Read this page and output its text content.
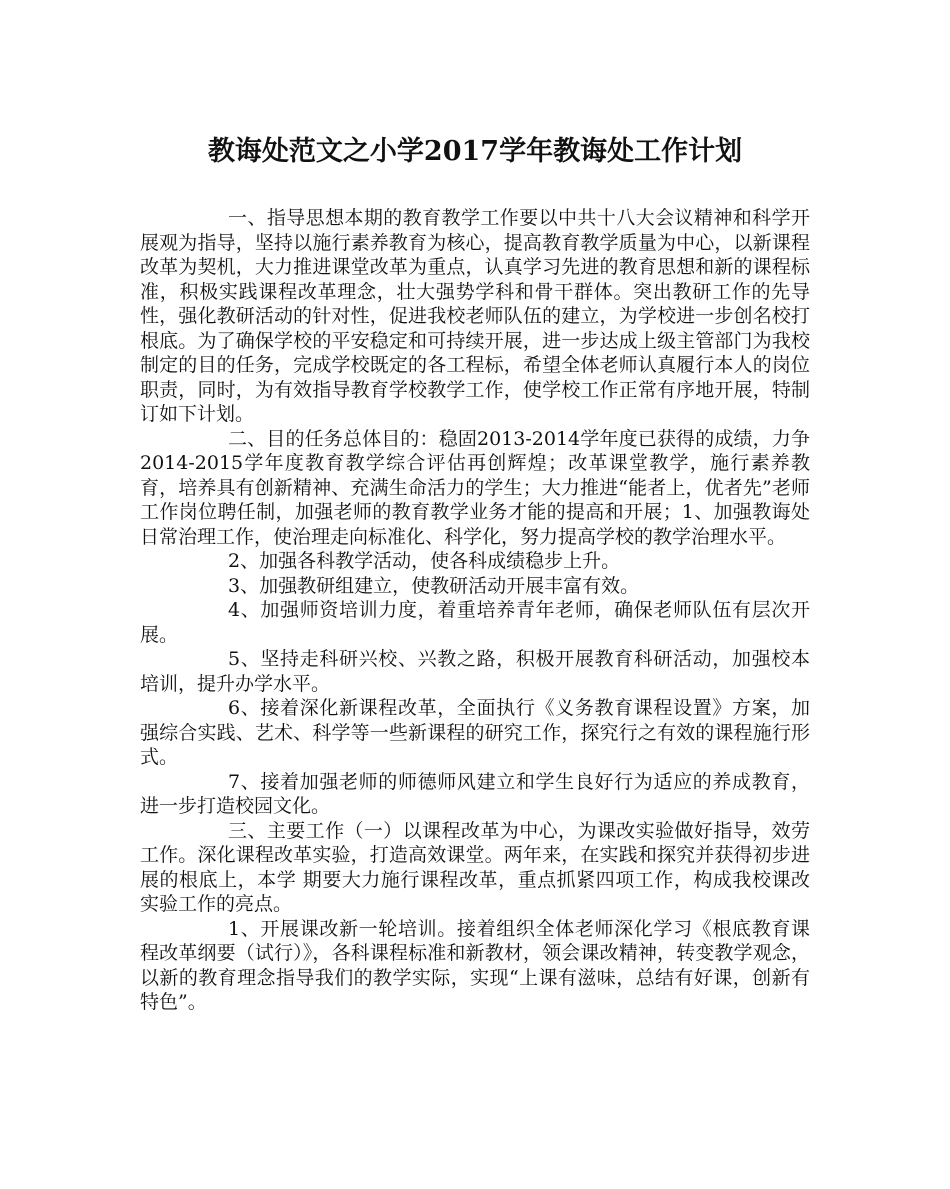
教诲处范文之小学2017学年教诲处工作计划

一、指导思想本期的教育教学工作要以中共十八大会议精神和科学开展观为指导，坚持以施行素养教育为核心，提高教育教学质量为中心，以新课程改革为契机，大力推进课堂改革为重点，认真学习先进的教育思想和新的课程标准，积极实践课程改革理念，壮大强势学科和骨干群体。突出教研工作的先导性，强化教研活动的针对性，促进我校老师队伍的建立，为学校进一步创名校打根底。为了确保学校的平安稳定和可持续开展，进一步达成上级主管部门为我校制定的目的任务，完成学校既定的各工程标，希望全体老师认真履行本人的岗位职责，同时，为有效指导教育学校教学工作，使学校工作正常有序地开展，特制订如下计划。

二、目的任务总体目的：稳固2013-2014学年度已获得的成绩，力争2014-2015学年度教育教学综合评估再创辉煌；改革课堂教学，施行素养教育，培养具有创新精神、充满生命活力的学生；大力推进“能者上，优者先”老师工作岗位聘任制，加强老师的教育教学业务才能的提高和开展；1、加强教诲处日常治理工作，使治理走向标准化、科学化，努力提高学校的教学治理水平。

2、加强各科教学活动，使各科成绩稳步上升。

3、加强教研组建立，使教研活动开展丰富有效。

4、加强师资培训力度，着重培养青年老师，确保老师队伍有层次开展。

5、坚持走科研兴校、兴教之路，积极开展教育科研活动，加强校本培训，提升办学水平。

6、接着深化新课程改革，全面执行《义务教育课程设置》方案，加强综合实践、艺术、科学等一些新课程的研究工作，探究行之有效的课程施行形式。

7、接着加强老师的师德师风建立和学生良好行为适应的养成教育，进一步打造校园文化。

三、主要工作（一）以课程改革为中心，为课改实验做好指导，效劳工作。深化课程改革实验，打造高效课堂。两年来，在实践和探究并获得初步进展的根底上，本学 期要大力施行课程改革，重点抓紧四项工作，构成我校课改实验工作的亮点。

1、开展课改新一轮培训。接着组织全体老师深化学习《根底教育课程改革纲要（试行）》，各科课程标准和新教材，领会课改精神，转变教学观念，以新的教育理念指导我们的教学实际，实现“上课有滋味，总结有好课，创新有特色”。
